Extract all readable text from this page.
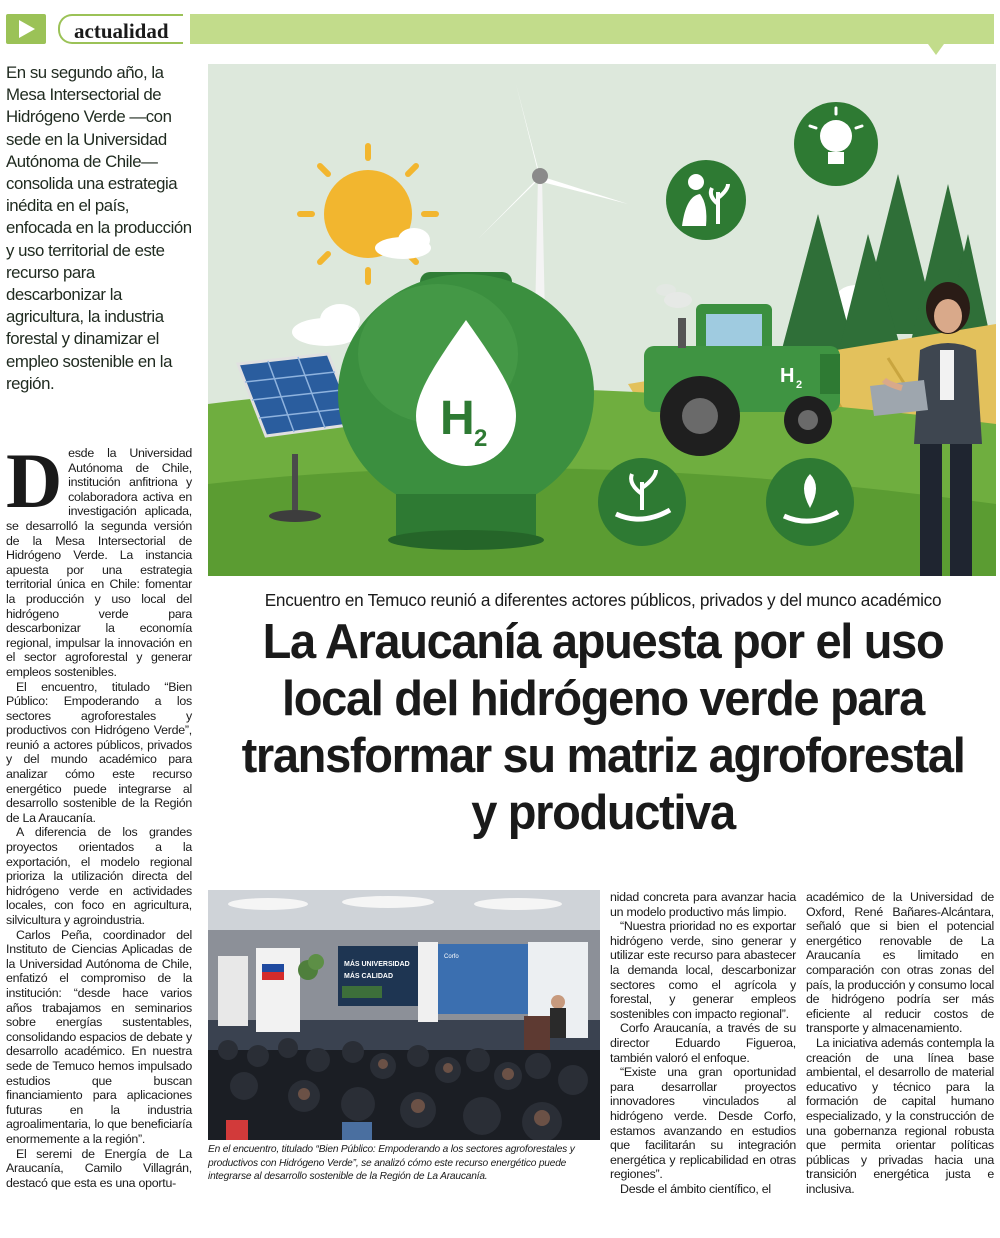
actualidad
En su segundo año, la Mesa Intersectorial de Hidrógeno Verde —con sede en la Universidad Autónoma de Chile— consolida una estrategia inédita en el país, enfocada en la producción y uso territorial de este recurso para descarbonizar la agricultura, la industria forestal y dinamizar el empleo sostenible en la región.
H 2
H 2
Encuentro en Temuco reunió a diferentes actores públicos, privados y del munco académico
La Araucanía apuesta por el uso local del hidrógeno verde para transformar su matriz agroforestal y productiva
D esde la Universidad Autónoma de Chile, institución anfitriona y colaboradora activa en investigación aplicada, se desarrolló la segunda versión de la Mesa Intersectorial de Hidrógeno Verde. La instancia apuesta por una estrategia territorial única en Chile: fomentar la producción y uso local del hidrógeno verde para descarbonizar la economía regional, impulsar la innovación en el sector agroforestal y generar empleos sostenibles.

El encuentro, titulado “Bien Público: Empoderando a los sectores agroforestales y productivos con Hidrógeno Verde”, reunió a actores públicos, privados y del mundo académico para analizar cómo este recurso energético puede integrarse al desarrollo sostenible de la Región de La Araucanía.

A diferencia de los grandes proyectos orientados a la exportación, el modelo regional prioriza la utilización directa del hidrógeno verde en actividades locales, con foco en agricultura, silvicultura y agroindustria.

Carlos Peña, coordinador del Instituto de Ciencias Aplicadas de la Universidad Autónoma de Chile, enfatizó el compromiso de la institución: “desde hace varios años trabajamos en seminarios sobre energías sustentables, consolidando espacios de debate y desarrollo académico. En nuestra sede de Temuco hemos impulsado estudios que buscan financiamiento para aplicaciones futuras en la industria agroalimentaria, lo que beneficiaría enormemente a la región”.

El seremi de Energía de La Araucanía, Camilo Villagrán, destacó que esta es una oportu-

MÁS UNIVERSIDAD
MÁS CALIDAD
Corfo
En el encuentro, titulado “Bien Público: Empoderando a los sectores agroforestales y productivos con Hidrógeno Verde”, se analizó cómo este recurso energético puede integrarse al desarrollo sostenible de la Región de La Araucanía.

nidad concreta para avanzar hacia un modelo productivo más limpio.

“Nuestra prioridad no es exportar hidrógeno verde, sino generar y utilizar este recurso para abastecer la demanda local, descarbonizar sectores como el agrícola y forestal, y generar empleos sostenibles con impacto regional”.

Corfo Araucanía, a través de su director Eduardo Figueroa, también valoró el enfoque.

“Existe una gran oportunidad para desarrollar proyectos innovadores vinculados al hidrógeno verde. Desde Corfo, estamos avanzando en estudios que facilitarán su integración energética y replicabilidad en otras regiones”.

Desde el ámbito científico, el

académico de la Universidad de Oxford, René Bañares-Alcántara, señaló que si bien el potencial energético renovable de La Araucanía es limitado en comparación con otras zonas del país, la producción y consumo local de hidrógeno podría ser más eficiente al reducir costos de transporte y almacenamiento.

La iniciativa además contempla la creación de una línea base ambiental, el desarrollo de material educativo y técnico para la formación de capital humano especializado, y la construcción de una gobernanza regional robusta que permita orientar políticas públicas y privadas hacia una transición energética justa e inclusiva.
